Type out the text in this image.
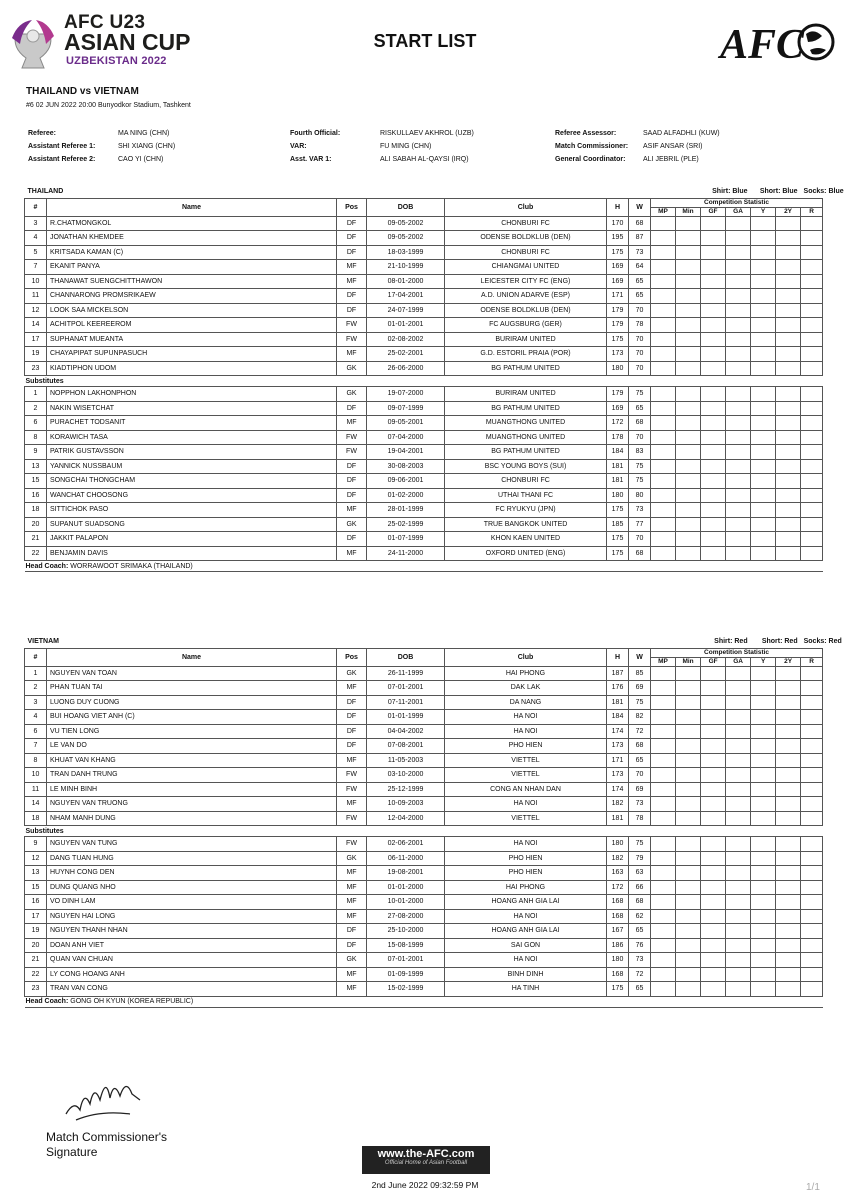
AFC U23
ASIAN CUP
UZBEKISTAN 2022
START LIST	AFC
THAILAND vs VIETNAM
#6 02 JUN 2022 20:00 Bunyodkor Stadium, Tashkent
Referee:	MA NING (CHN)
Assistant Referee 1:	SHI XIANG (CHN)
Assistant Referee 2:	CAO YI (CHN)
Fourth Official:	RISKULLAEV AKHROL (UZB)
VAR:	FU MING (CHN)
Asst. VAR 1:	ALI SABAH AL-QAYSI (IRQ)
Referee Assessor:	SAAD ALFADHLI (KUW)
Match Commissioner: ASIF ANSAR (SRI)
General Coordinator:	ALI JEBRIL (PLE)
THAILAND									Shirt: Blue		Short: Blue		Socks: Blue
#	Name	Pos	DOB	Club	H	W	Competition Statistic						
							MP	Min	GF	GA	Y	2Y	R
3	R.CHATMONGKOL	DF	09-05-2002	CHONBURI FC	170	68							
4	JONATHAN KHEMDEE	DF	09-05-2002	ODENSE BOLDKLUB (DEN)	195	87							
5	KRITSADA KAMAN (C)	DF	18-03-1999	CHONBURI FC	175	73							
7	EKANIT PANYA	MF	21-10-1999	CHIANGMAI UNITED	169	64							
10	THANAWAT SUENGCHITTHAWON	MF	08-01-2000	LEICESTER CITY FC (ENG)	169	65							
11	CHANNARONG PROMSRIKAEW	DF	17-04-2001	A.D. UNION ADARVE (ESP)	171	65							
12	LOOK SAA MICKELSON	DF	24-07-1999	ODENSE BOLDKLUB (DEN)	179	70							
14	ACHITPOL KEEREEROM	FW	01-01-2001	FC AUGSBURG (GER)	179	78							
17	SUPHANAT MUEANTA	FW	02-08-2002	BURIRAM UNITED	175	70							
19	CHAYAPIPAT SUPUNPASUCH	MF	25-02-2001	G.D. ESTORIL PRAIA (POR)	173	70							
23	KIADTIPHON UDOM	GK	26-06-2000	BG PATHUM UNITED	180	70							
Substitutes													
1	NOPPHON LAKHONPHON	GK	19-07-2000	BURIRAM UNITED	179	75							
2	NAKIN WISETCHAT	DF	09-07-1999	BG PATHUM UNITED	169	65							
6	PURACHET TODSANIT	MF	09-05-2001	MUANGTHONG UNITED	172	68							
8	KORAWICH TASA	FW	07-04-2000	MUANGTHONG UNITED	178	70							
9	PATRIK GUSTAVSSON	FW	19-04-2001	BG PATHUM UNITED	184	83							
13	YANNICK NUSSBAUM	DF	30-08-2003	BSC YOUNG BOYS (SUI)	181	75							
15	SONGCHAI THONGCHAM	DF	09-06-2001	CHONBURI FC	181	75							
16	WANCHAT CHOOSONG	DF	01-02-2000	UTHAI THANI FC	180	80							
18	SITTICHOK PASO	MF	28-01-1999	FC RYUKYU (JPN)	175	73							
20	SUPANUT SUADSONG	GK	25-02-1999	TRUE BANGKOK UNITED	185	77							
21	JAKKIT PALAPON	DF	01-07-1999	KHON KAEN UNITED	175	70							
22	BENJAMIN DAVIS	MF	24-11-2000	OXFORD UNITED (ENG)	175	68							
Head Coach: WORRAWOOT SRIMAKA (THAILAND)													
VIETNAM									Shirt: Red		Short: Red		Socks: Red
#	Name	Pos	DOB	Club	H	W	Competition Statistic						
							MP	Min	GF	GA	Y	2Y	R
1	NGUYEN VAN TOAN	GK	26-11-1999	HAI PHONG	187	85							
2	PHAN TUAN TAI	MF	07-01-2001	DAK LAK	176	69							
3	LUONG DUY CUONG	DF	07-11-2001	DA NANG	181	75							
4	BUI HOANG VIET ANH (C)	DF	01-01-1999	HA NOI	184	82							
6	VU TIEN LONG	DF	04-04-2002	HA NOI	174	72							
7	LE VAN DO	DF	07-08-2001	PHO HIEN	173	68							
8	KHUAT VAN KHANG	MF	11-05-2003	VIETTEL	171	65							
10	TRAN DANH TRUNG	FW	03-10-2000	VIETTEL	173	70							
11	LE MINH BINH	FW	25-12-1999	CONG AN NHAN DAN	174	69							
14	NGUYEN VAN TRUONG	MF	10-09-2003	HA NOI	182	73							
18	NHAM MANH DUNG	FW	12-04-2000	VIETTEL	181	78							
Substitutes													
9	NGUYEN VAN TUNG	FW	02-06-2001	HA NOI	180	75							
12	DANG TUAN HUNG	GK	06-11-2000	PHO HIEN	182	79							
13	HUYNH CONG DEN	MF	19-08-2001	PHO HIEN	163	63							
15	DUNG QUANG NHO	MF	01-01-2000	HAI PHONG	172	66							
16	VO DINH LAM	MF	10-01-2000	HOANG ANH GIA LAI	168	68							
17	NGUYEN HAI LONG	MF	27-08-2000	HA NOI	168	62							
19	NGUYEN THANH NHAN	DF	25-10-2000	HOANG ANH GIA LAI	167	65							
20	DOAN ANH VIET	DF	15-08-1999	SAI GON	186	76							
21	QUAN VAN CHUAN	GK	07-01-2001	HA NOI	180	73							
22	LY CONG HOANG ANH	MF	01-09-1999	BINH DINH	168	72							
23	TRAN VAN CONG	MF	15-02-1999	HA TINH	175	65							
Head Coach: GONG OH KYUN (KOREA REPUBLIC)													
Match Commissioner's
Signature	www.the-AFC.com
Official Home of Asian Football
2nd June 2022 09:32:59 PM	1/1
